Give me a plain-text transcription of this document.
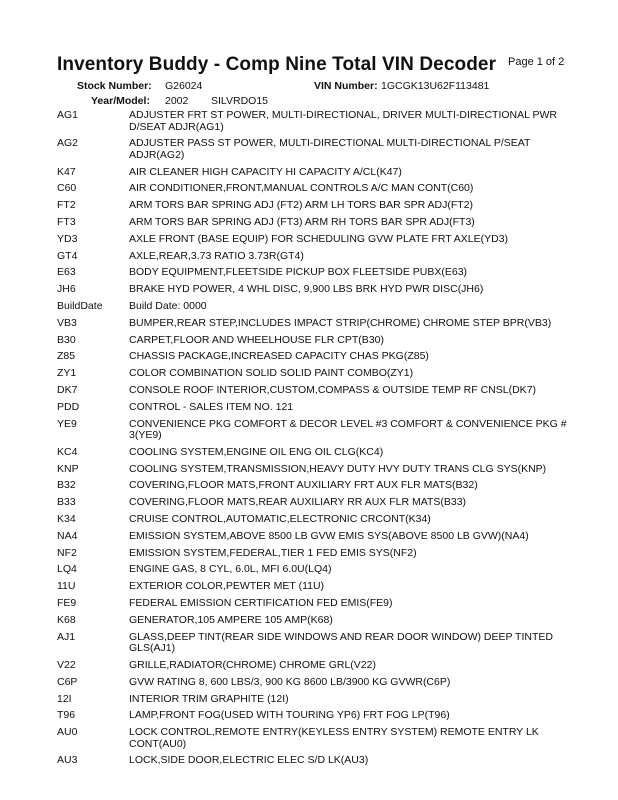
Inventory Buddy - Comp Nine Total VIN Decoder Page 1 of 2
Stock Number: G26024	VIN Number: 1GCGK13U62F113481
Year/Model: 2002 SILVRDO15
AG1	ADJUSTER FRT ST POWER, MULTI-DIRECTIONAL, DRIVER MULTI-DIRECTIONAL PWR D/SEAT ADJR(AG1)
AG2	ADJUSTER PASS ST POWER, MULTI-DIRECTIONAL MULTI-DIRECTIONAL P/SEAT ADJR(AG2)
K47	AIR CLEANER HIGH CAPACITY HI CAPACITY A/CL(K47)
C60	AIR CONDITIONER,FRONT,MANUAL CONTROLS A/C MAN CONT(C60)
FT2	ARM TORS BAR SPRING ADJ (FT2) ARM LH TORS BAR SPR ADJ(FT2)
FT3	ARM TORS BAR SPRING ADJ (FT3) ARM RH TORS BAR SPR ADJ(FT3)
YD3	AXLE FRONT (BASE EQUIP) FOR SCHEDULING GVW PLATE FRT AXLE(YD3)
GT4	AXLE,REAR,3.73 RATIO 3.73R(GT4)
E63	BODY EQUIPMENT,FLEETSIDE PICKUP BOX FLEETSIDE PUBX(E63)
JH6	BRAKE HYD POWER, 4 WHL DISC, 9,900 LBS BRK HYD PWR DISC(JH6)
BuildDate	Build Date: 0000
VB3	BUMPER,REAR STEP,INCLUDES IMPACT STRIP(CHROME) CHROME STEP BPR(VB3)
B30	CARPET,FLOOR AND WHEELHOUSE FLR CPT(B30)
Z85	CHASSIS PACKAGE,INCREASED CAPACITY CHAS PKG(Z85)
ZY1	COLOR COMBINATION SOLID SOLID PAINT COMBO(ZY1)
DK7	CONSOLE ROOF INTERIOR,CUSTOM,COMPASS & OUTSIDE TEMP RF CNSL(DK7)
PDD	CONTROL - SALES ITEM NO. 121
YE9	CONVENIENCE PKG COMFORT & DECOR LEVEL #3 COMFORT & CONVENIENCE PKG # 3(YE9)
KC4	COOLING SYSTEM,ENGINE OIL ENG OIL CLG(KC4)
KNP	COOLING SYSTEM,TRANSMISSION,HEAVY DUTY HVY DUTY TRANS CLG SYS(KNP)
B32	COVERING,FLOOR MATS,FRONT AUXILIARY FRT AUX FLR MATS(B32)
B33	COVERING,FLOOR MATS,REAR AUXILIARY RR AUX FLR MATS(B33)
K34	CRUISE CONTROL,AUTOMATIC,ELECTRONIC CRCONT(K34)
NA4	EMISSION SYSTEM,ABOVE 8500 LB GVW EMIS SYS(ABOVE 8500 LB GVW)(NA4)
NF2	EMISSION SYSTEM,FEDERAL,TIER 1 FED EMIS SYS(NF2)
LQ4	ENGINE GAS, 8 CYL, 6.0L, MFI 6.0U(LQ4)
11U	EXTERIOR COLOR,PEWTER MET (11U)
FE9	FEDERAL EMISSION CERTIFICATION FED EMIS(FE9)
K68	GENERATOR,105 AMPERE 105 AMP(K68)
AJ1	GLASS,DEEP TINT(REAR SIDE WINDOWS AND REAR DOOR WINDOW) DEEP TINTED GLS(AJ1)
V22	GRILLE,RADIATOR(CHROME) CHROME GRL(V22)
C6P	GVW RATING 8, 600 LBS/3, 900 KG 8600 LB/3900 KG GVWR(C6P)
12I	INTERIOR TRIM GRAPHITE (12I)
T96	LAMP,FRONT FOG(USED WITH TOURING YP6) FRT FOG LP(T96)
AU0	LOCK CONTROL,REMOTE ENTRY(KEYLESS ENTRY SYSTEM) REMOTE ENTRY LK CONT(AU0)
AU3	LOCK,SIDE DOOR,ELECTRIC ELEC S/D LK(AU3)
